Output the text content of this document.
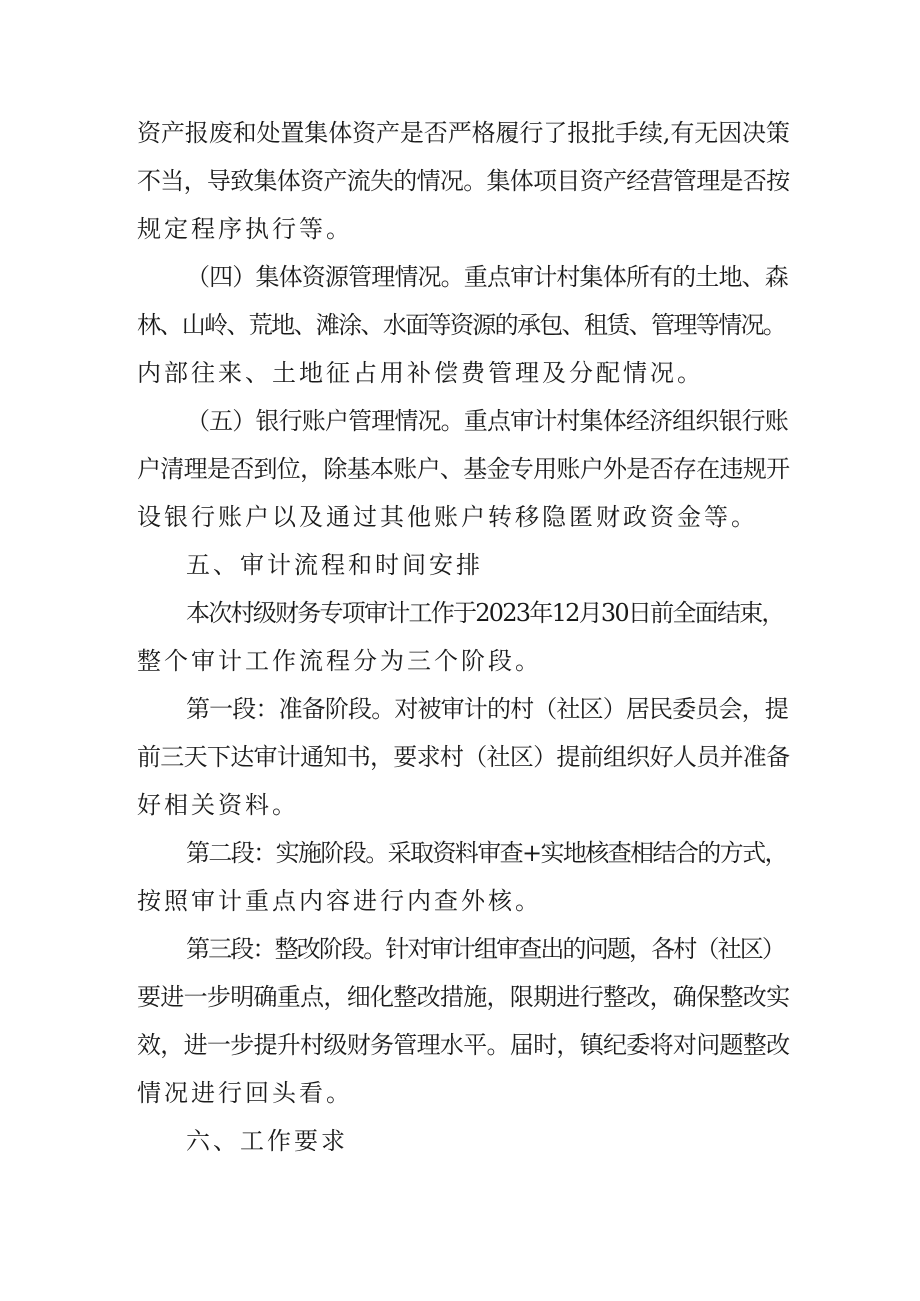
资产报废和处置集体资产是否严格履行了报批手续,有无因决策
不当，导致集体资产流失的情况。集体项目资产经营管理是否按
规定程序执行等。
（四）集体资源管理情况。重点审计村集体所有的土地、森
林、山岭、荒地、滩涂、水面等资源的承包、租赁、管理等情况。
内部往来、土地征占用补偿费管理及分配情况。
（五）银行账户管理情况。重点审计村集体经济组织银行账
户清理是否到位，除基本账户、基金专用账户外是否存在违规开
设银行账户以及通过其他账户转移隐匿财政资金等。
五、审计流程和时间安排
本次村级财务专项审计工作于2023年12月30日前全面结束，
整个审计工作流程分为三个阶段。
第一段：准备阶段。对被审计的村（社区）居民委员会，提
前三天下达审计通知书，要求村（社区）提前组织好人员并准备
好相关资料。
第二段：实施阶段。采取资料审查+实地核查相结合的方式，
按照审计重点内容进行内查外核。
第三段：整改阶段。针对审计组审查出的问题，各村（社区）
要进一步明确重点，细化整改措施，限期进行整改，确保整改实
效，进一步提升村级财务管理水平。届时，镇纪委将对问题整改
情况进行回头看。
六、工作要求
